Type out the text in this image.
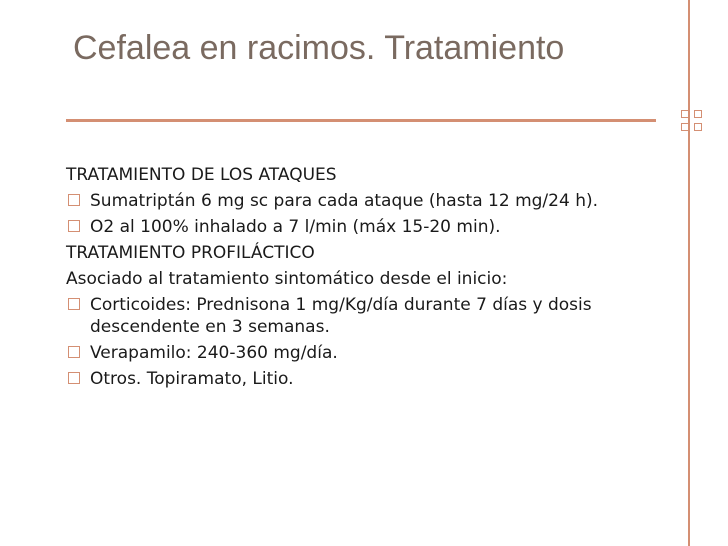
Cefalea en racimos. Tratamiento
TRATAMIENTO DE LOS ATAQUES
Sumatriptán 6 mg sc para cada ataque (hasta 12 mg/24 h).
O2 al 100% inhalado a 7 l/min (máx 15-20 min).
TRATAMIENTO PROFILÁCTICO
Asociado al tratamiento sintomático desde el inicio:
Corticoides: Prednisona 1 mg/Kg/día durante 7 días y dosis descendente en 3 semanas.
Verapamilo: 240-360 mg/día.
Otros. Topiramato, Litio.
